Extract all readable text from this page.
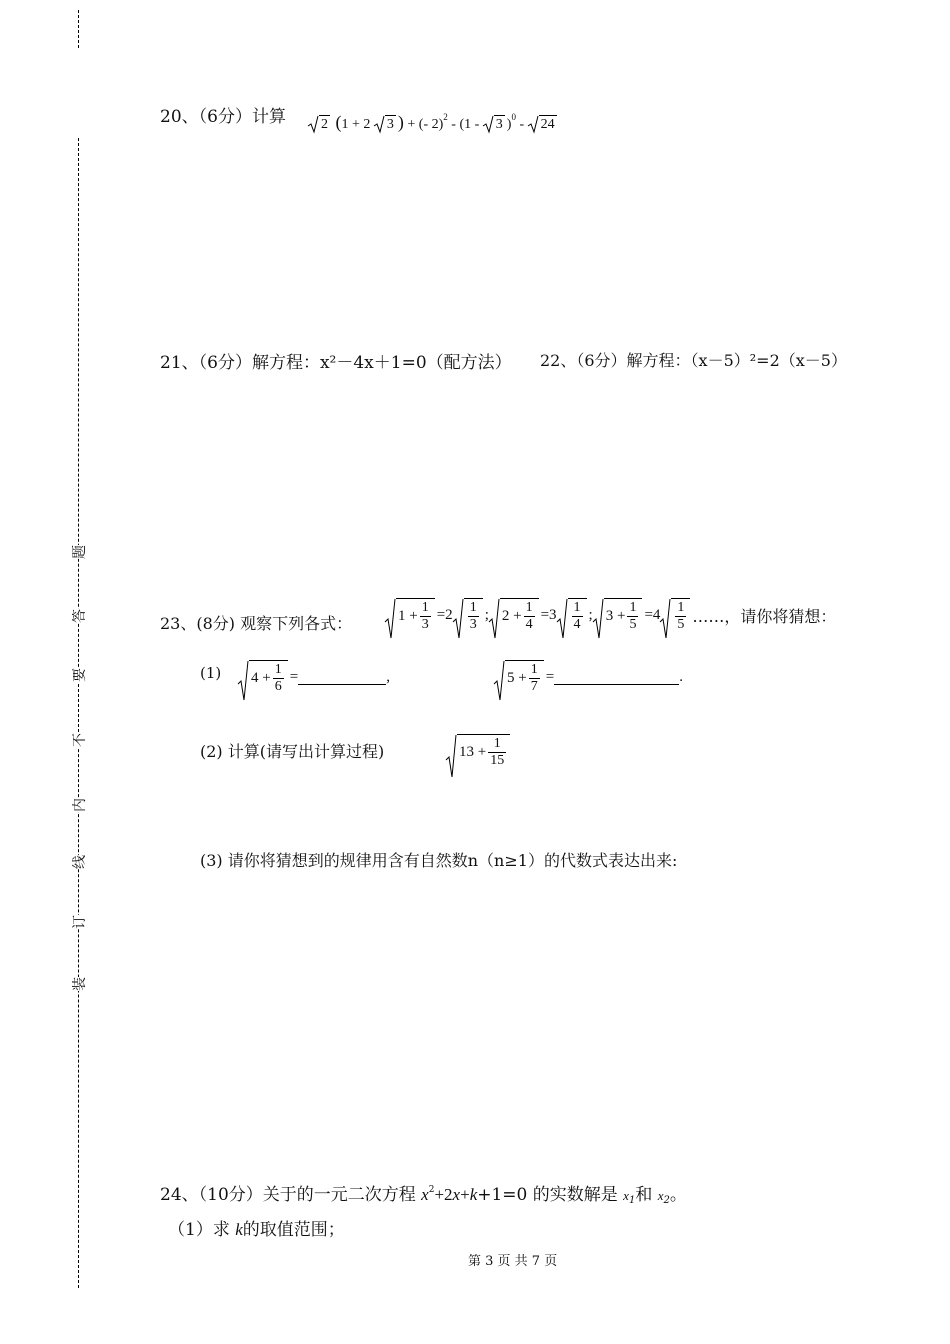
题
答
要
不
内
线
订
装
20、（6分）计算	2 (1 + 2 3 ) + (- 2)$^2$ - (1 - 3 )$^0$ - 24
21、（6分）解方程：x²－4x＋1=0（配方法） 22、（6分）解方程：（x－5）²=2（x－5）
23、(8分) 观察下列各式：	$1 + \frac{1}{3} =2 \frac{1}{3}$ ; $2 + \frac{1}{4} =3 \frac{1}{4}$ ; $3 + \frac{1}{5} =4 \frac{1}{5}$ ……，请你将猜想：
(1) $4 + \frac{1}{6}$ =	,	$5 + \frac{1}{7}$ =	.
(2) 计算(请写出计算过程)	$13 + \frac{1}{15}$
(3) 请你将猜想到的规律用含有自然数n（n≥1）的代数式表达出来:
24、（10分）关于的一元二次方程 $x^2+2x+k+1=0$ 的实数解是 $x_1$和 $x_2$。
（1）求 k的取值范围；
第 3 页 共 7 页
